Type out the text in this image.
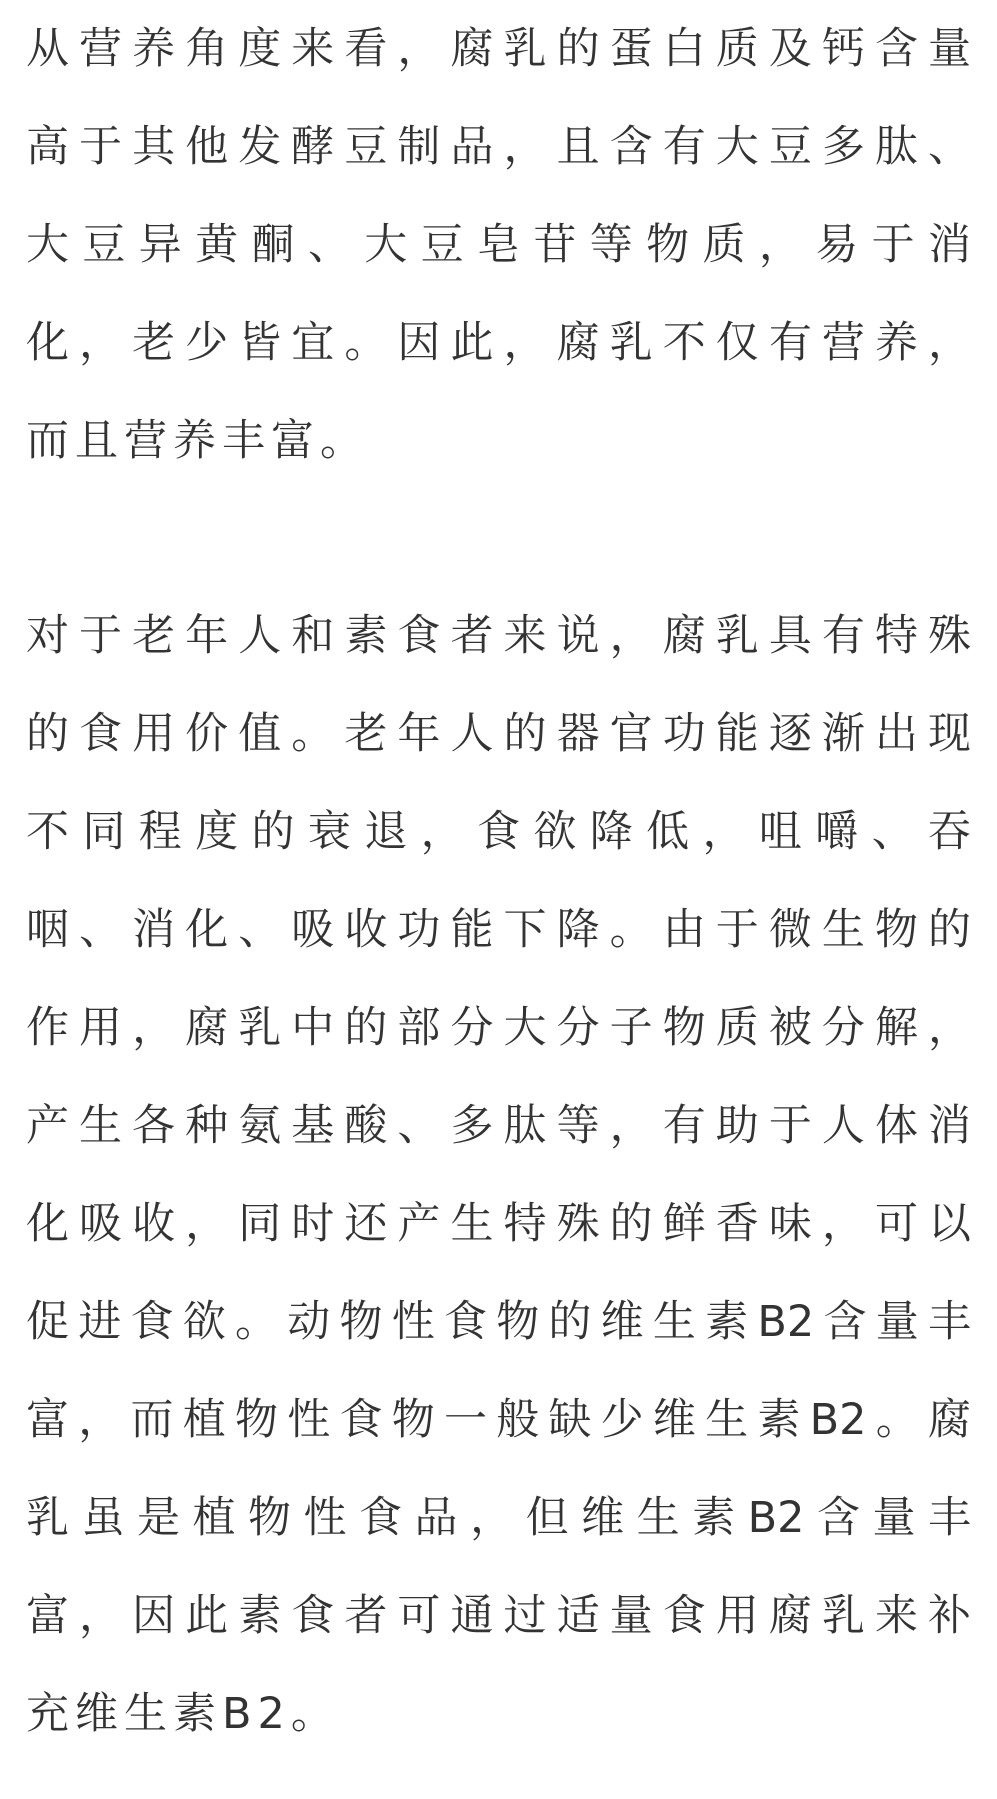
从营养角度来看，腐乳的蛋白质及钙含量
高于其他发酵豆制品，且含有大豆多肽、
大豆异黄酮、大豆皂苷等物质，易于消
化，老少皆宜。因此，腐乳不仅有营养，
而且营养丰富。
对于老年人和素食者来说，腐乳具有特殊
的食用价值。老年人的器官功能逐渐出现
不同程度的衰退，食欲降低，咀嚼、吞
咽、消化、吸收功能下降。由于微生物的
作用，腐乳中的部分大分子物质被分解，
产生各种氨基酸、多肽等，有助于人体消
化吸收，同时还产生特殊的鲜香味，可以
促进食欲。动物性食物的维生素B2含量丰
富，而植物性食物一般缺少维生素B2。腐
乳虽是植物性食品，但维生素B2含量丰
富，因此素食者可通过适量食用腐乳来补
充维生素B2。
